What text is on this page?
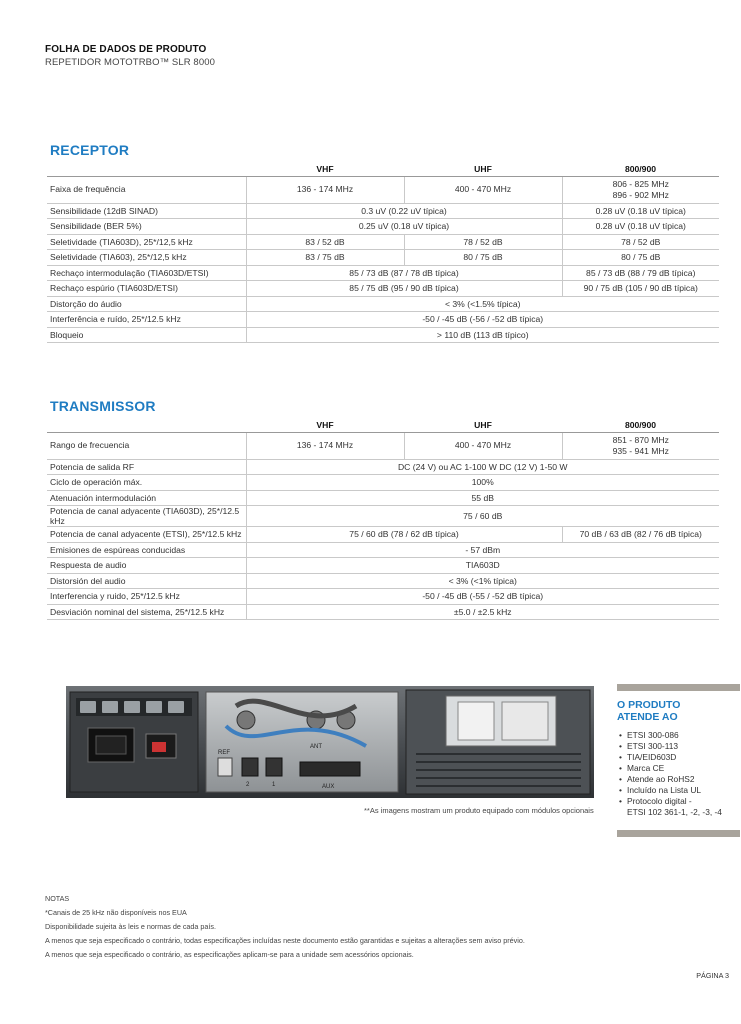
FOLHA DE DADOS DE PRODUTO
REPETIDOR MOTOTRBO™ SLR 8000
RECEPTOR
	VHF	UHF	800/900
Faixa de frequência	136 - 174 MHz	400 - 470 MHz	806 - 825 MHz
896 - 902 MHz

Sensibilidade (12dB SINAD)	0.3 uV (0.22 uV típica)		0.28 uV (0.18 uV típica)
Sensibilidade (BER 5%)	0.25 uV (0.18 uV típica)		0.28 uV (0.18 uV típica)
Seletividade (TIA603D), 25*/12,5 kHz	83 / 52 dB	78 / 52 dB	78 / 52 dB
Seletividade (TIA603), 25*/12,5 kHz	83 / 75 dB	80 / 75 dB	80 / 75 dB
Rechaço intermodulação (TIA603D/ETSI)	85 / 73 dB (87 / 78 dB típica)		85 / 73 dB (88 / 79 dB típica)
Rechaço espúrio (TIA603D/ETSI)	85 / 75 dB (95 / 90 dB típica)		90 / 75 dB (105 / 90 dB típica)
Distorção do áudio	< 3% (<1.5% típica)		
Interferência e ruído, 25*/12.5 kHz	-50 / -45 dB (-56 / -52 dB típica)		
Bloqueio	> 110 dB (113 dB típico)		
TRANSMISSOR
	VHF	UHF	800/900
Rango de frecuencia	136 - 174 MHz	400 - 470 MHz	851 - 870 MHz
935 - 941 MHz

Potencia de salida RF	DC (24 V) ou AC 1-100 W DC (12 V) 1-50 W		
Ciclo de operación máx.	100%		
Atenuación intermodulación	55 dB		
Potencia de canal adyacente (TIA603D), 25*/12.5 kHz	75 / 60 dB		
Potencia de canal adyacente (ETSI), 25*/12.5 kHz	75 / 60 dB (78 / 62 dB típica)		70 dB / 63 dB (82 / 76 dB típica)
Emisiones de espúreas conducidas	- 57 dBm		
Respuesta de audio	TIA603D		
Distorsión del audio	< 3% (<1% típica)		
Interferencia y ruido, 25*/12.5 kHz	-50 / -45 dB (-55 / -52 dB típica)		
Desviación nominal del sistema, 25*/12.5 kHz	±5.0 / ±2.5 kHz		
REF
ANT
AUX
2	1
**As imagens mostram um produto equipado com módulos opcionais
O PRODUTO
ATENDE AO
• ETSI 300-086
• ETSI 300-113
• TIA/EID603D
• Marca CE
• Atende ao RoHS2
• Incluído na Lista UL
• Protocolo digital -
ETSI 102 361-1, -2, -3, -4
NOTAS
*Canais de 25 kHz não disponíveis nos EUA
Disponibilidade sujeita às leis e normas de cada país.
A menos que seja especificado o contrário, todas especificações incluídas neste documento estão garantidas e sujeitas a alterações sem aviso prévio.
A menos que seja especificado o contrário, as especificações aplicam-se para a unidade sem acessórios opcionais.
PÁGINA 3
